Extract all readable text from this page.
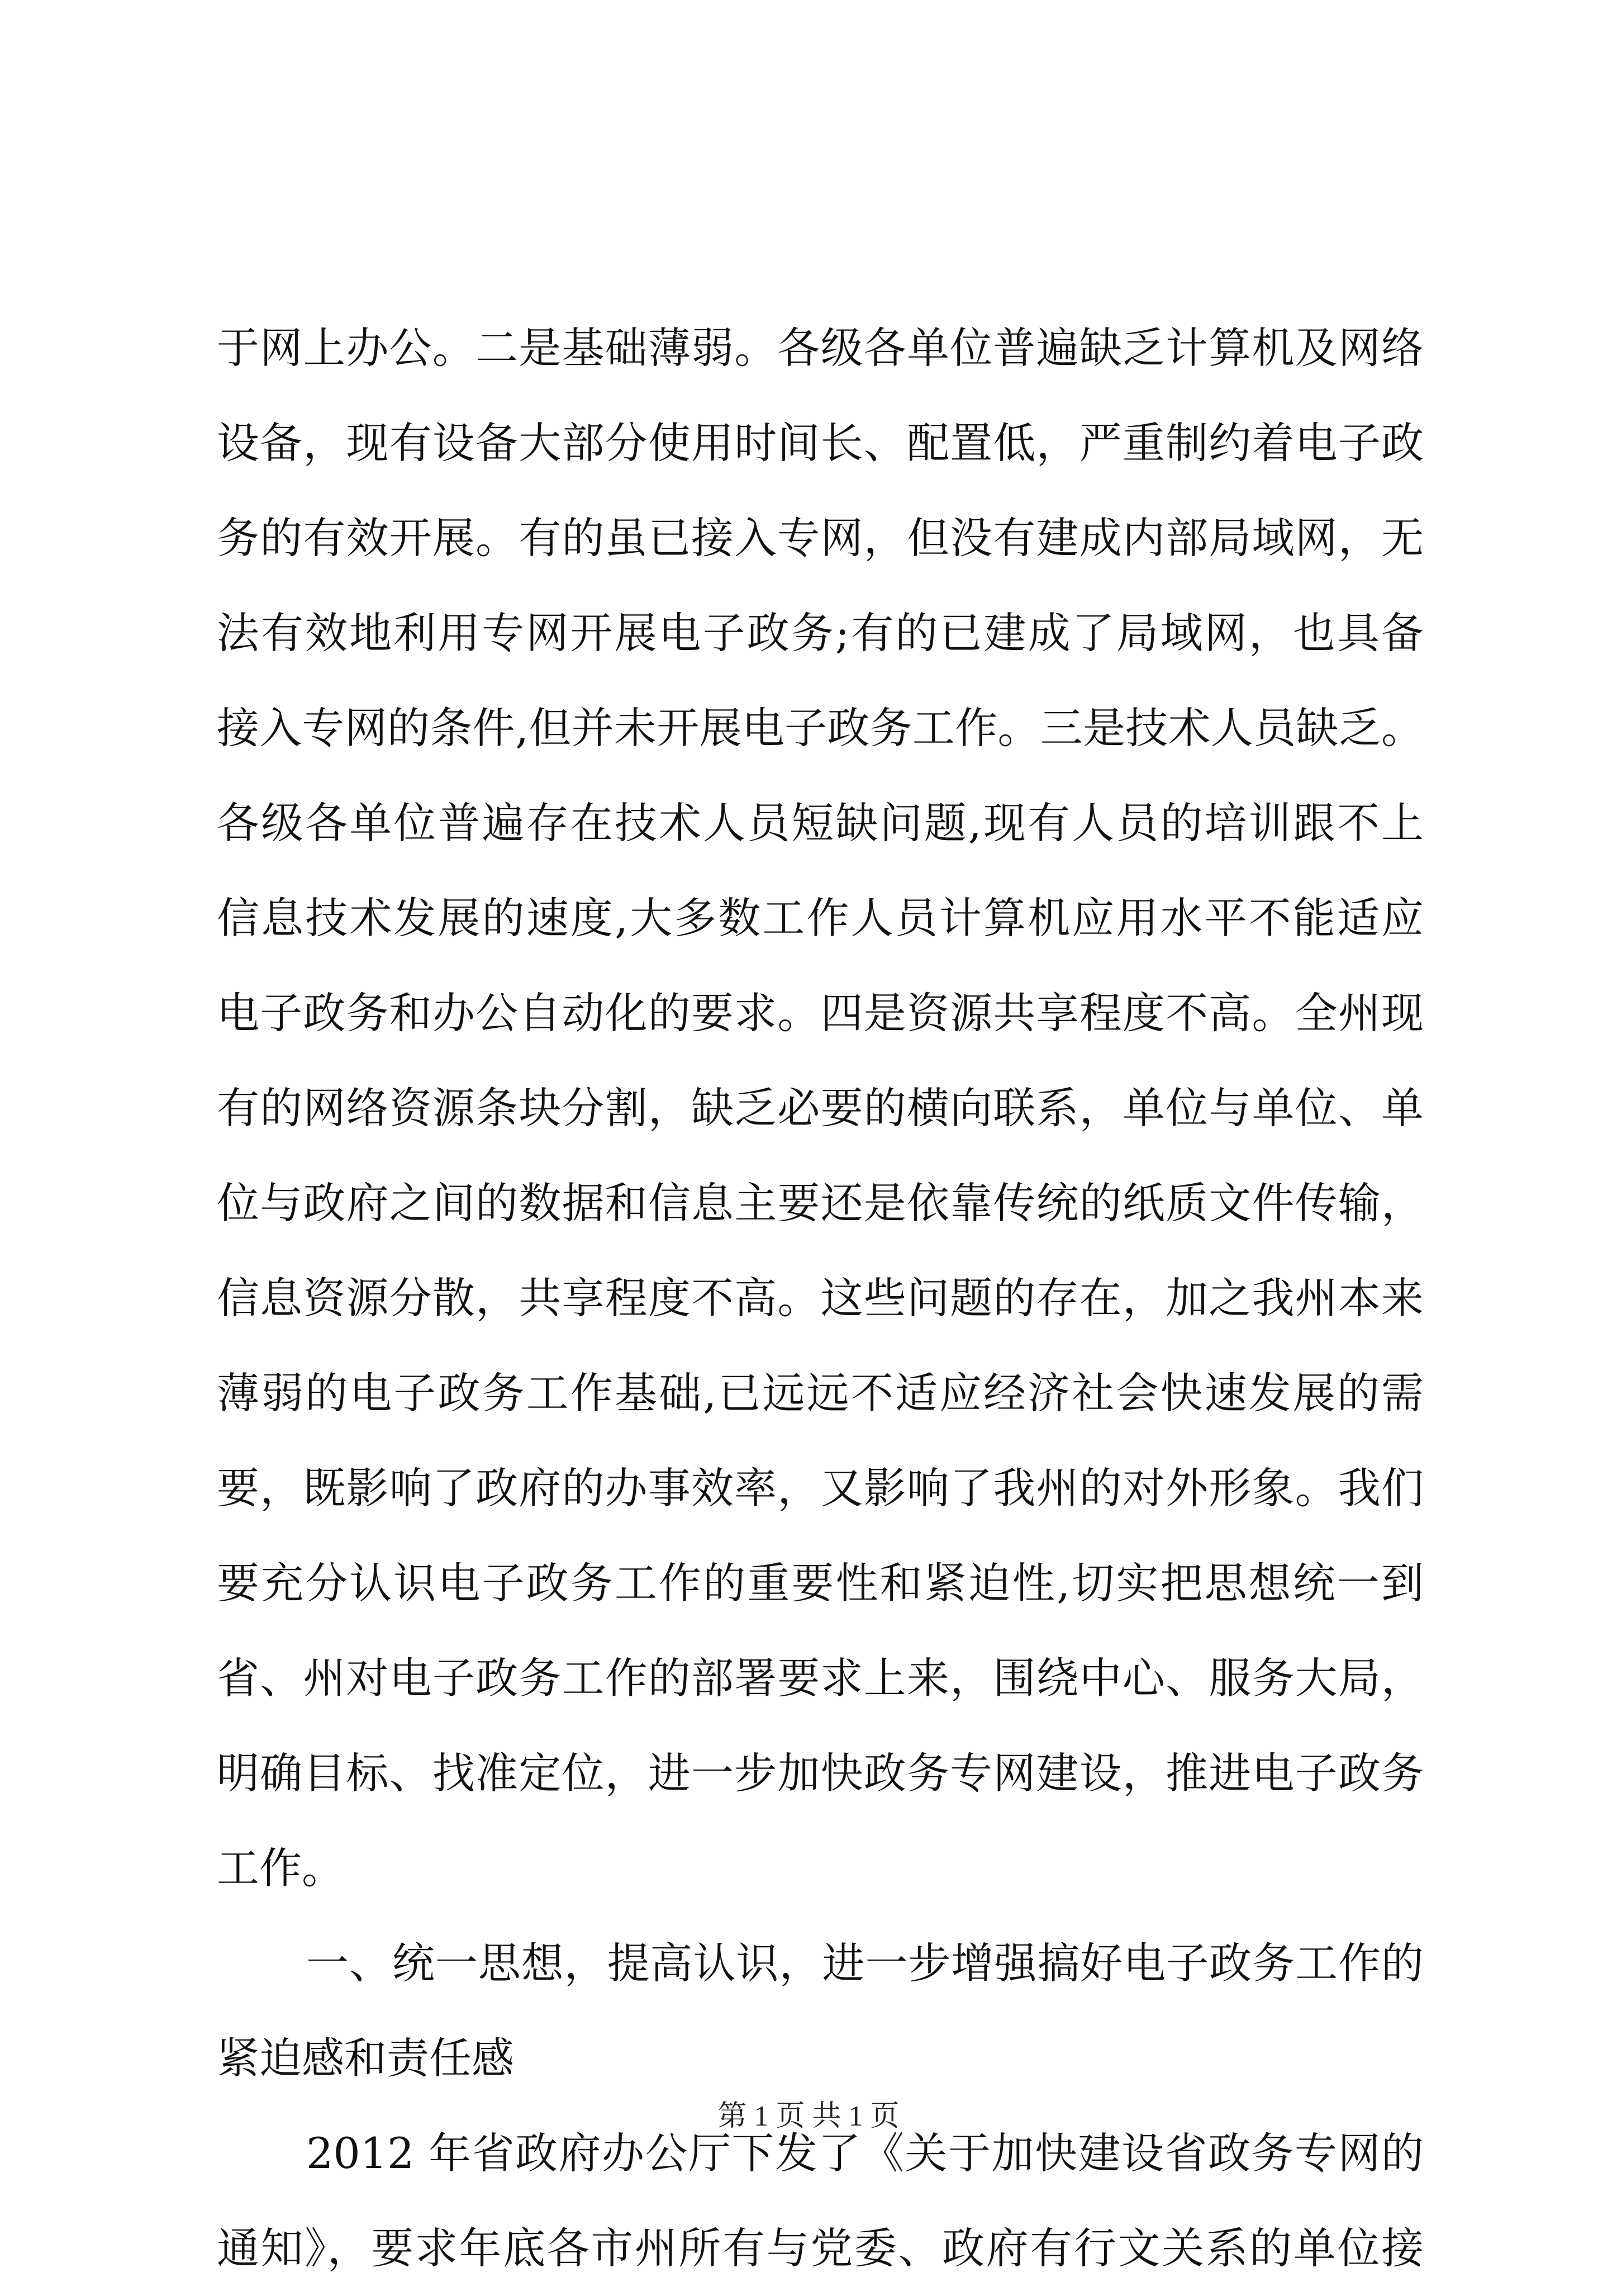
于网上办公。二是基础薄弱。各级各单位普遍缺乏计算机及网络
设备，现有设备大部分使用时间长、配置低，严重制约着电子政
务的有效开展。有的虽已接入专网，但没有建成内部局域网，无
法有效地利用专网开展电子政务;有的已建成了局域网，也具备
接入专网的条件,但并未开展电子政务工作。三是技术人员缺乏。
各级各单位普遍存在技术人员短缺问题,现有人员的培训跟不上
信息技术发展的速度,大多数工作人员计算机应用水平不能适应
电子政务和办公自动化的要求。四是资源共享程度不高。全州现
有的网络资源条块分割，缺乏必要的横向联系，单位与单位、单
位与政府之间的数据和信息主要还是依靠传统的纸质文件传输，
信息资源分散，共享程度不高。这些问题的存在，加之我州本来
薄弱的电子政务工作基础,已远远不适应经济社会快速发展的需
要，既影响了政府的办事效率，又影响了我州的对外形象。我们
要充分认识电子政务工作的重要性和紧迫性,切实把思想统一到
省、州对电子政务工作的部署要求上来，围绕中心、服务大局，
明确目标、找准定位，进一步加快政务专网建设，推进电子政务
工作。
一、统一思想，提高认识，进一步增强搞好电子政务工作的
紧迫感和责任感
2012 年省政府办公厅下发了《关于加快建设省政务专网的
通知》，要求年底各市州所有与党委、政府有行文关系的单位接
第 1 页 共 1 页
